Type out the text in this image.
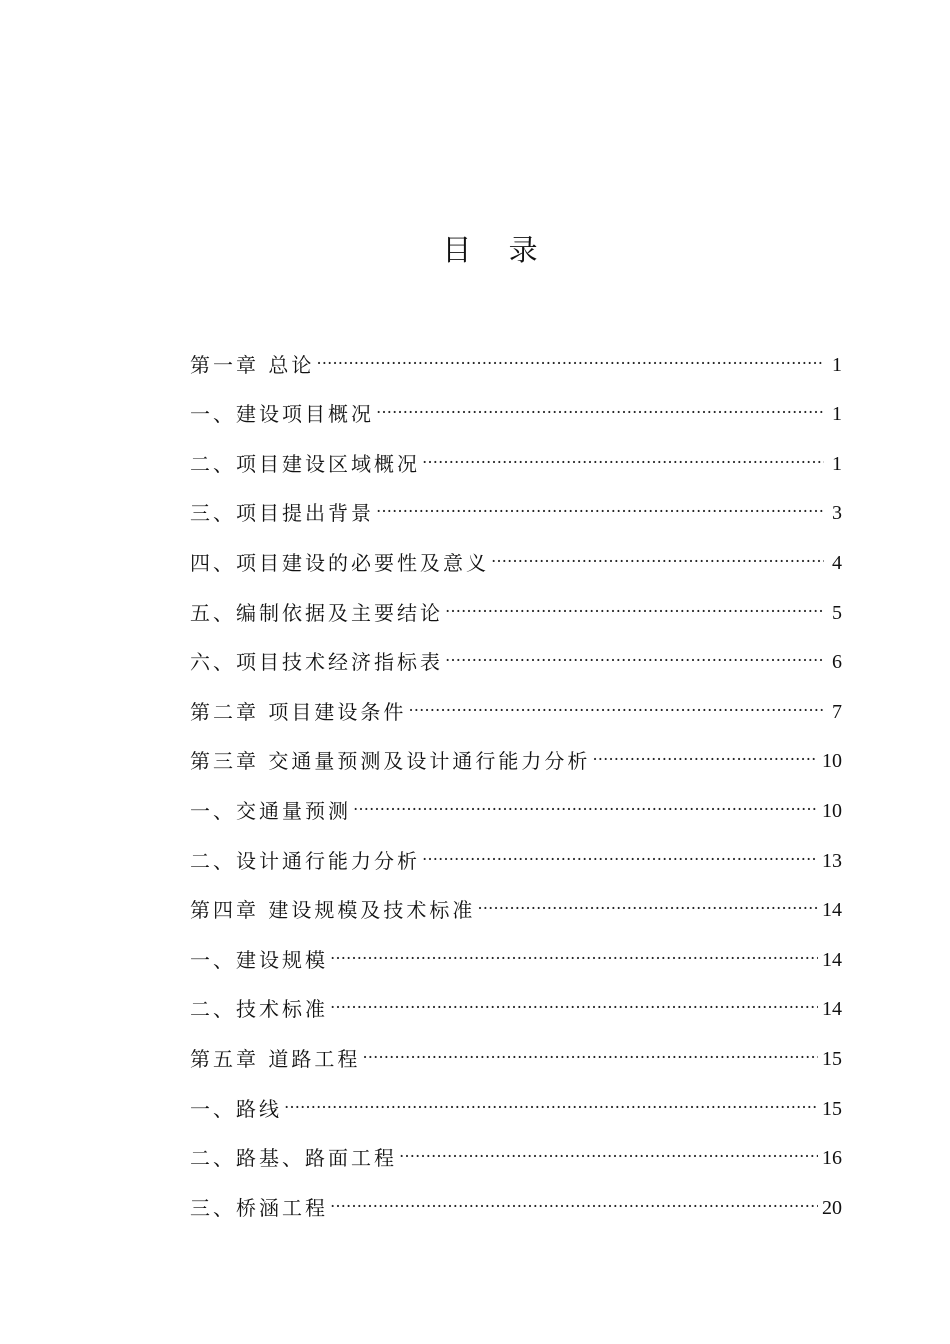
目 录
第一章 总论 ……………………………………………………………………………………………………………………………………………………	1
一、建设项目概况 ……………………………………………………………………………………………………………………………………………………	1
二、项目建设区域概况 ……………………………………………………………………………………………………………………………………………………	1
三、项目提出背景 ……………………………………………………………………………………………………………………………………………………	3
四、项目建设的必要性及意义 ……………………………………………………………………………………………………………………………………………………	4
五、编制依据及主要结论 ……………………………………………………………………………………………………………………………………………………	5
六、项目技术经济指标表 ……………………………………………………………………………………………………………………………………………………	6
第二章 项目建设条件 ……………………………………………………………………………………………………………………………………………………	7
第三章 交通量预测及设计通行能力分析 ……………………………………………………………………………………………………………………………………………………	10
一、交通量预测 ……………………………………………………………………………………………………………………………………………………	10
二、设计通行能力分析 ……………………………………………………………………………………………………………………………………………………	13
第四章 建设规模及技术标准 ……………………………………………………………………………………………………………………………………………………	14
一、建设规模 ……………………………………………………………………………………………………………………………………………………	14
二、技术标准 ……………………………………………………………………………………………………………………………………………………	14
第五章 道路工程 ……………………………………………………………………………………………………………………………………………………	15
一、路线 ……………………………………………………………………………………………………………………………………………………	15
二、路基、路面工程 ……………………………………………………………………………………………………………………………………………………	16
三、桥涵工程 ……………………………………………………………………………………………………………………………………………………	20
